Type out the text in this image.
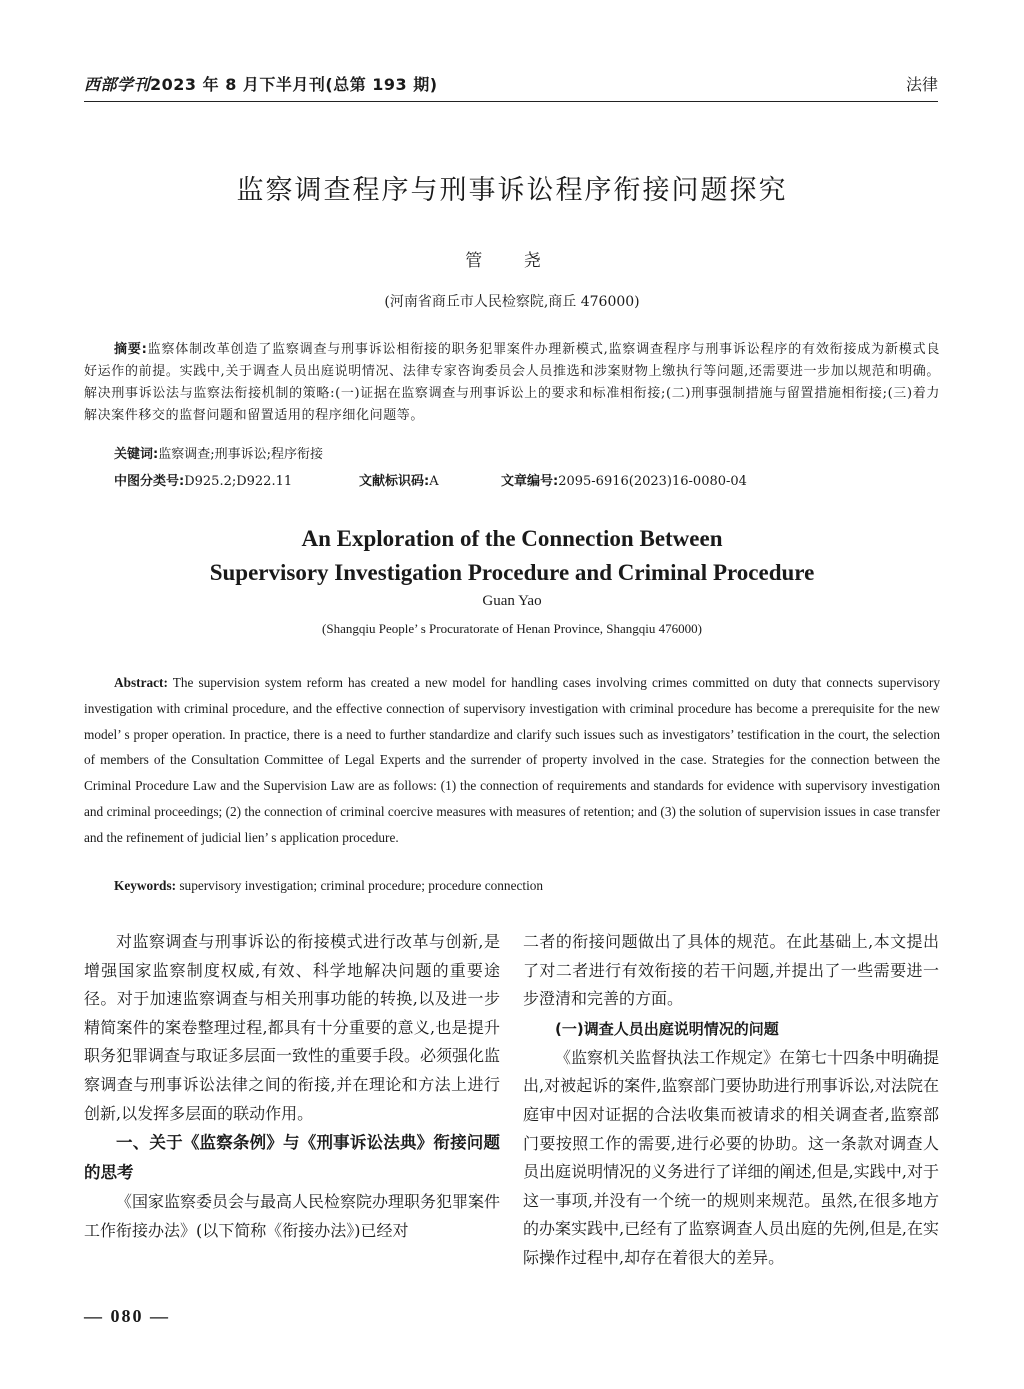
西部学刊2023 年 8 月下半月刊(总第 193 期)	法律
监察调查程序与刑事诉讼程序衔接问题探究
管 尧
(河南省商丘市人民检察院,商丘 476000)
摘要:监察体制改革创造了监察调查与刑事诉讼相衔接的职务犯罪案件办理新模式,监察调查程序与刑事诉讼程序的有效衔接成为新模式良好运作的前提。实践中,关于调查人员出庭说明情况、法律专家咨询委员会人员推选和涉案财物上缴执行等问题,还需要进一步加以规范和明确。解决刑事诉讼法与监察法衔接机制的策略:(一)证据在监察调查与刑事诉讼上的要求和标准相衔接;(二)刑事强制措施与留置措施相衔接;(三)着力解决案件移交的监督问题和留置适用的程序细化问题等。
关键词:监察调查;刑事诉讼;程序衔接
中图分类号:D925.2;D922.11	文献标识码:A	文章编号:2095-6916(2023)16-0080-04
An Exploration of the Connection Between
Supervisory Investigation Procedure and Criminal Procedure
Guan Yao
(Shangqiu People’ s Procuratorate of Henan Province, Shangqiu 476000)
Abstract: The supervision system reform has created a new model for handling cases involving crimes committed on duty that connects supervisory investigation with criminal procedure, and the effective connection of supervisory investigation with criminal procedure has become a prerequisite for the new model’ s proper operation. In practice, there is a need to further standardize and clarify such issues such as investigators’ testification in the court, the selection of members of the Consultation Committee of Legal Experts and the surrender of property involved in the case. Strategies for the connection between the Criminal Procedure Law and the Supervision Law are as follows: (1) the connection of requirements and standards for evidence with supervisory investigation and criminal proceedings; (2) the connection of criminal coercive measures with measures of retention; and (3) the solution of supervision issues in case transfer and the refinement of judicial lien’ s application procedure.
Keywords: supervisory investigation; criminal procedure; procedure connection

对监察调查与刑事诉讼的衔接模式进行改革与创新,是增强国家监察制度权威,有效、科学地解决问题的重要途径。对于加速监察调查与相关刑事功能的转换,以及进一步精简案件的案卷整理过程,都具有十分重要的意义,也是提升职务犯罪调查与取证多层面一致性的重要手段。必须强化监察调查与刑事诉讼法律之间的衔接,并在理论和方法上进行创新,以发挥多层面的联动作用。

一、关于《监察条例》与《刑事诉讼法典》衔接问题的思考

《国家监察委员会与最高人民检察院办理职务犯罪案件工作衔接办法》(以下简称《衔接办法》)已经对

二者的衔接问题做出了具体的规范。在此基础上,本文提出了对二者进行有效衔接的若干问题,并提出了一些需要进一步澄清和完善的方面。

(一)调查人员出庭说明情况的问题

《监察机关监督执法工作规定》在第七十四条中明确提出,对被起诉的案件,监察部门要协助进行刑事诉讼,对法院在庭审中因对证据的合法收集而被请求的相关调查者,监察部门要按照工作的需要,进行必要的协助。这一条款对调查人员出庭说明情况的义务进行了详细的阐述,但是,实践中,对于这一事项,并没有一个统一的规则来规范。虽然,在很多地方的办案实践中,已经有了监察调查人员出庭的先例,但是,在实际操作过程中,却存在着很大的差异。

— 080 —
